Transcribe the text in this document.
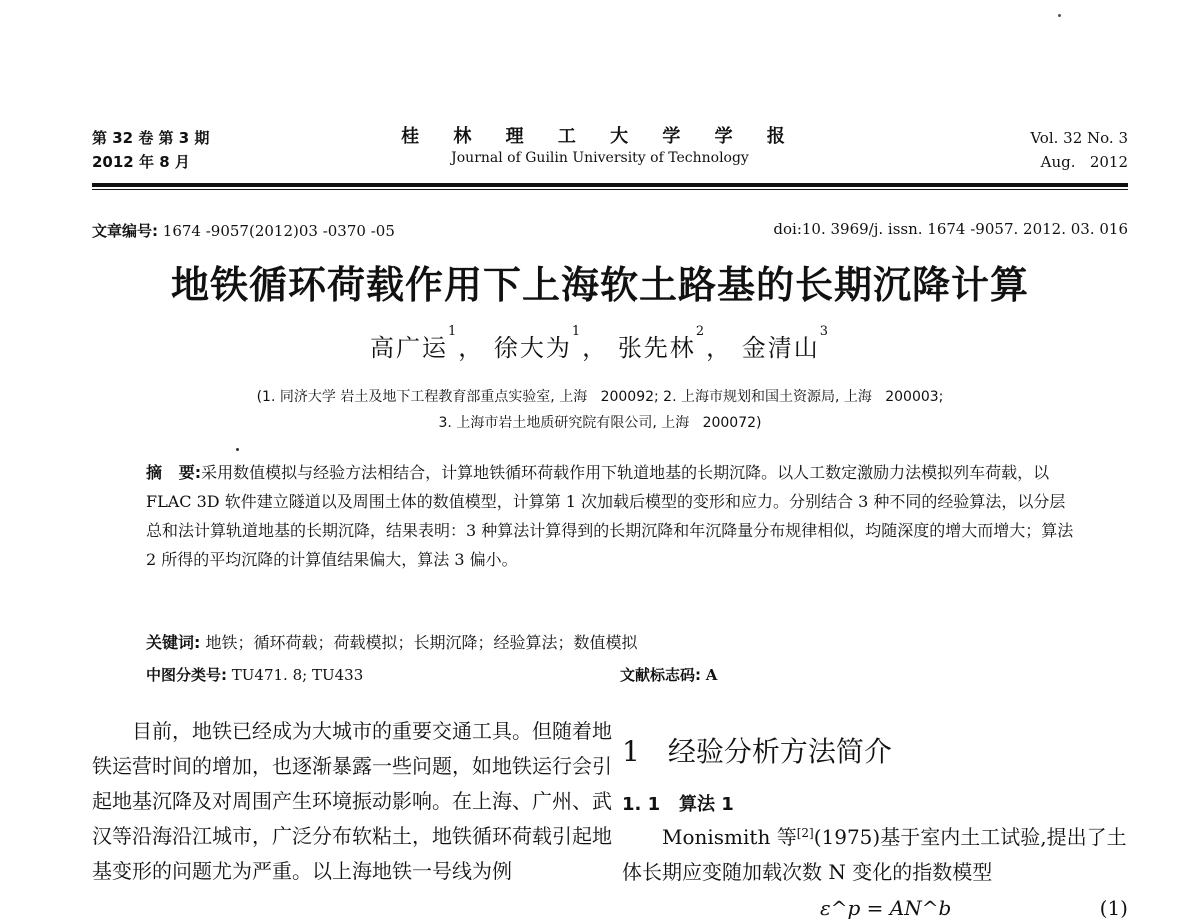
第 32 卷 第 3 期
2012 年 8 月
桂 林 理 工 大 学 学 报
Journal of Guilin University of Technology
Vol. 32 No. 3
Aug.   2012
文章编号: 1674 -9057(2012)03 -0370 -05	doi:10. 3969/j. issn. 1674 -9057. 2012. 03. 016
地铁循环荷载作用下上海软土路基的长期沉降计算
高广运$^1$， 徐大为$^1$， 张先林$^2$， 金清山$^3$
(1. 同济大学 岩土及地下工程教育部重点实验室, 上海   200092; 2. 上海市规划和国土资源局, 上海   200003;
3. 上海市岩土地质研究院有限公司, 上海   200072)
摘   要:采用数值模拟与经验方法相结合，计算地铁循环荷载作用下轨道地基的长期沉降。以人工数定激励力法模拟列车荷载，以 FLAC 3D 软件建立隧道以及周围土体的数值模型，计算第 1 次加载后模型的变形和应力。分别结合 3 种不同的经验算法，以分层总和法计算轨道地基的长期沉降，结果表明：3 种算法计算得到的长期沉降和年沉降量分布规律相似，均随深度的增大而增大；算法 2 所得的平均沉降的计算值结果偏大，算法 3 偏小。
关键词: 地铁；循环荷载；荷载模拟；长期沉降；经验算法；数值模拟
中图分类号: TU471. 8; TU433	文献标志码: A

目前，地铁已经成为大城市的重要交通工具。但随着地铁运营时间的增加，也逐渐暴露一些问题，如地铁运行会引起地基沉降及对周围产生环境振动影响。在上海、广州、武汉等沿海沿江城市，广泛分布软粘土，地铁循环荷载引起地基变形的问题尤为严重。以上海地铁一号线为例

1 经验分析方法简介
1. 1 算法 1
Monismith 等[2](1975)基于室内土工试验,提出了土体长期应变随加载次数 N 变化的指数模型
ε^p = AN^b	(1)
